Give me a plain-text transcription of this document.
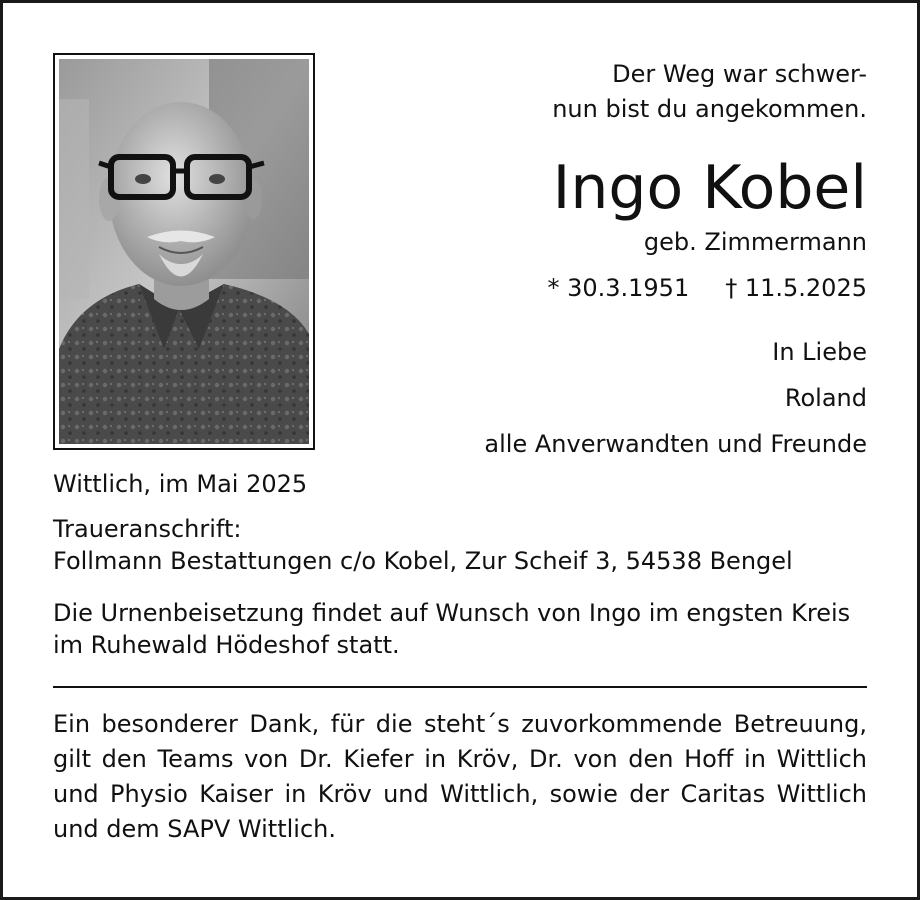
Der Weg war schwer-
nun bist du angekommen.
Ingo Kobel
geb. Zimmermann
* 30.3.1951 † 11.5.2025
In Liebe
Roland
alle Anverwandten und Freunde
Wittlich, im Mai 2025
Traueranschrift:
Follmann Bestattungen c/o Kobel, Zur Scheif 3, 54538 Bengel
Die Urnenbeisetzung findet auf Wunsch von Ingo im engsten Kreis im Ruhewald Hödeshof statt.
Ein besonderer Dank, für die steht´s zuvorkommende Betreuung, gilt den Teams von Dr. Kiefer in Kröv, Dr. von den Hoff in Wittlich und Physio Kaiser in Kröv und Wittlich, sowie der Caritas Wittlich und dem SAPV Wittlich.
